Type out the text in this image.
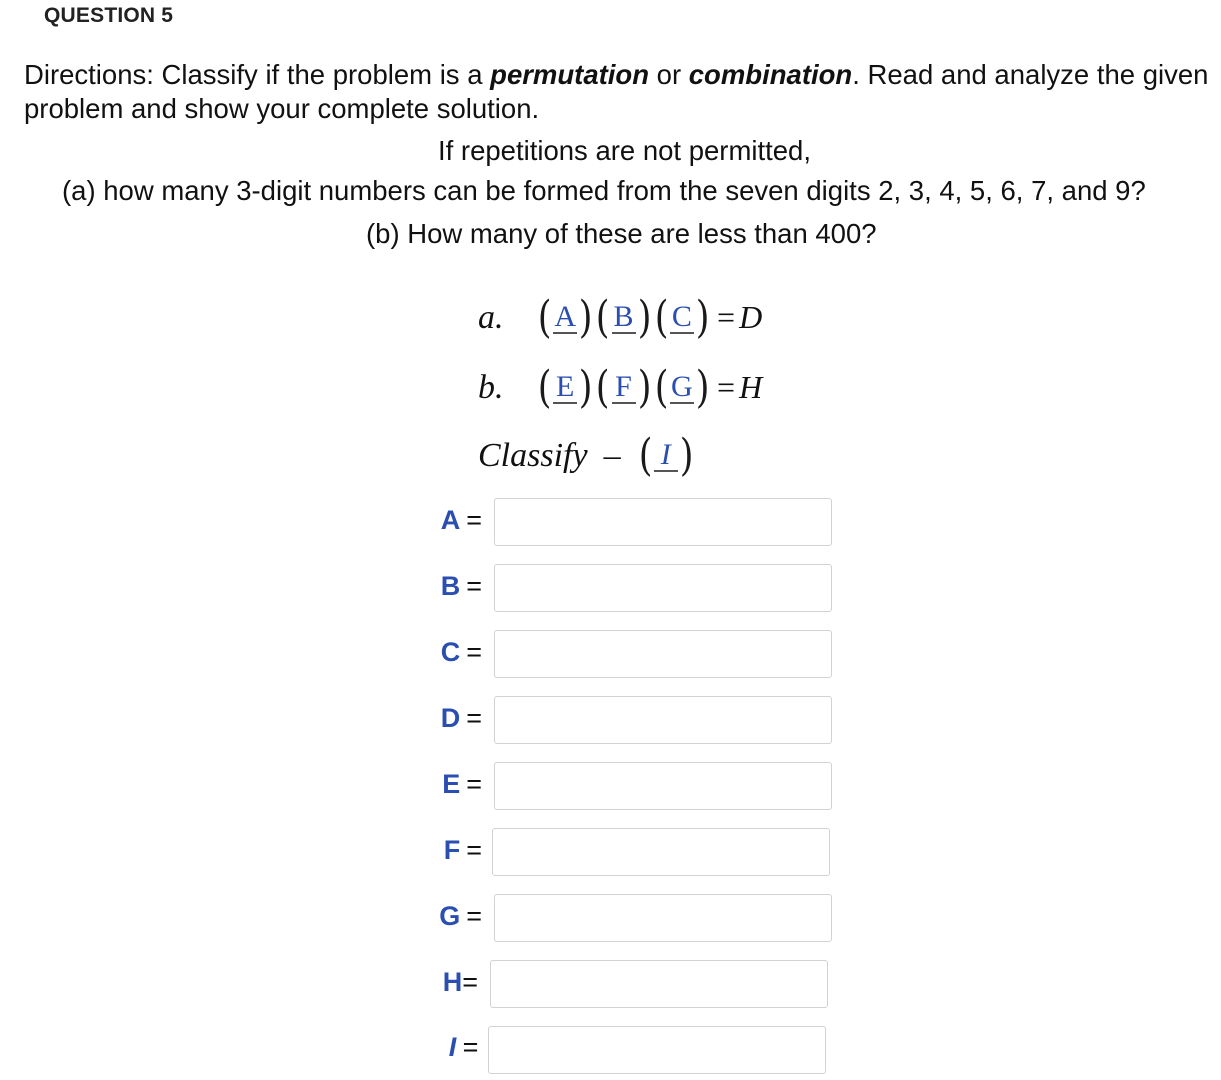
QUESTION 5
Directions: Classify if the problem is a permutation or combination. Read and analyze the given problem and show your complete solution.
If repetitions are not permitted,
(a) how many 3-digit numbers can be formed from the seven digits 2, 3, 4, 5, 6, 7, and 9?
(b) How many of these are less than 400?
a. ( A ) ( B ) ( C ) = D
b. ( E ) ( F ) ( G ) = H
Classify – ( I )
A =
B =
C =
D =
E =
F =
G =
H=
I =
